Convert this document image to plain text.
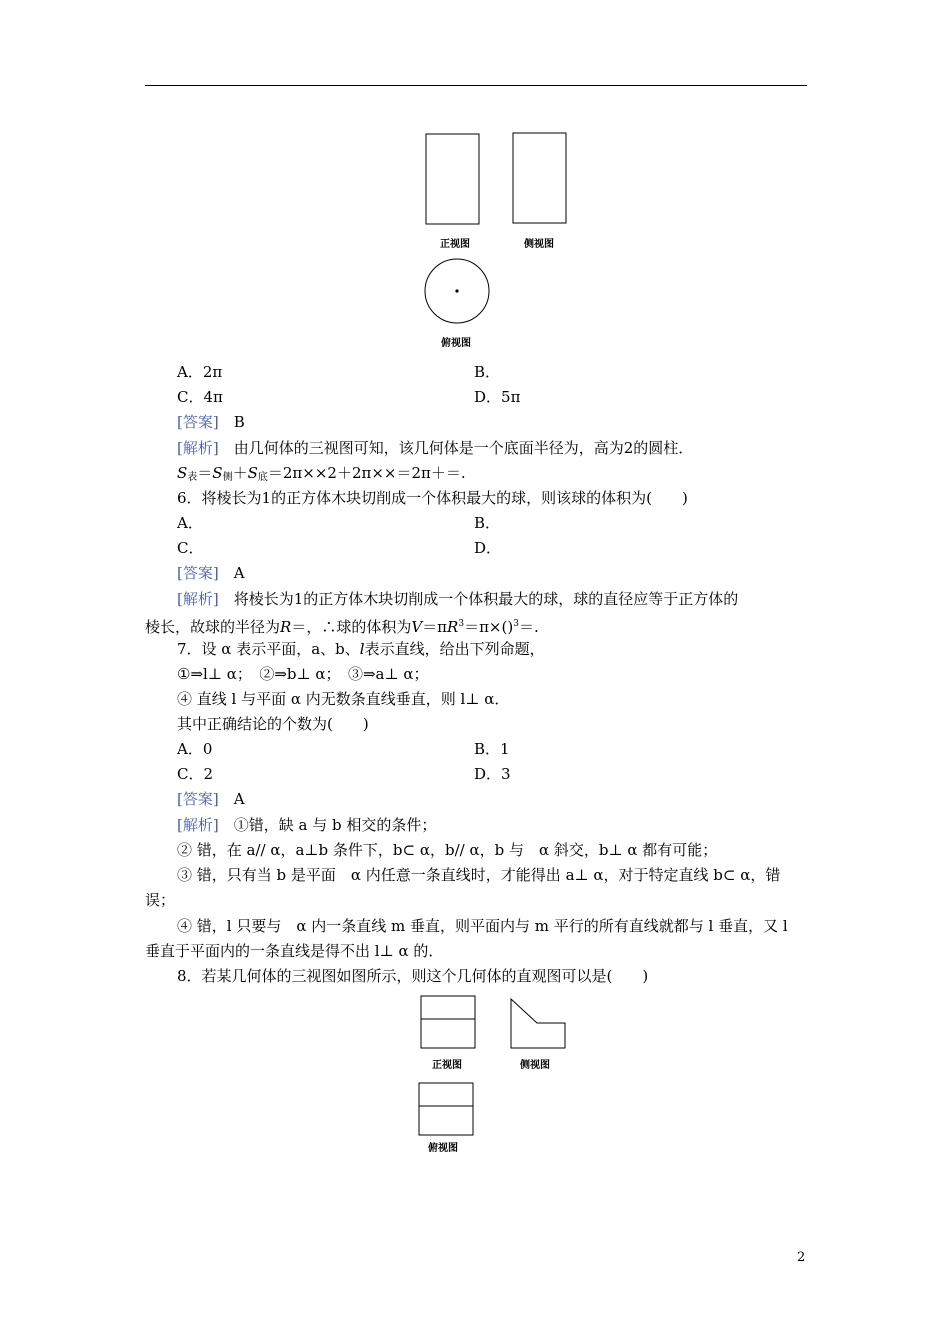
正视图	侧视图
俯视图
A．2π	B．
C．4π	D．5π
[答案]　 B
[解析]　 由几何体的三视图可知，该几何体是一个底面半径为，高为2的圆柱．
$S_表=S_侧+S_底=2\pi\times\times 2+2\pi\times\times=2\pi+=$.
6．将棱长为1的正方体木块切削成一个体积最大的球，则该球的体积为(　　)
A．	B．
C．	D．
[答案]　 A
[解析]　 将棱长为1的正方体木块切削成一个体积最大的球，球的直径应等于正方体的
棱长，故球的半径为R＝，∴球的体积为$V=\pi R^3=\pi\times()^3=$.
7．设 α 表示平面，a、b、l表示直线，给出下列命题，
①⇒l⊥ α；　②⇒b⊥ α；　③⇒a⊥ α；
④ 直线 l 与平面 α 内无数条直线垂直，则 l⊥ α．
其中正确结论的个数为(　　)
A．0	B．1
C．2	D．3
[答案]　 A
[解析]　 ①错，缺 a 与 b 相交的条件；
② 错，在 a// α，a⊥b 条件下，b⊂ α，b// α，b 与　α 斜交，b⊥ α 都有可能；
③ 错，只有当 b 是平面　α 内任意一条直线时，才能得出 a⊥ α，对于特定直线 b⊂ α，错
误；
④ 错，l 只要与　α 内一条直线 m 垂直，则平面内与 m 平行的所有直线就都与 l 垂直，又 l
垂直于平面内的一条直线是得不出 l⊥ α 的．
8．若某几何体的三视图如图所示，则这个几何体的直观图可以是(　　)
正视图	侧视图
俯视图
2
